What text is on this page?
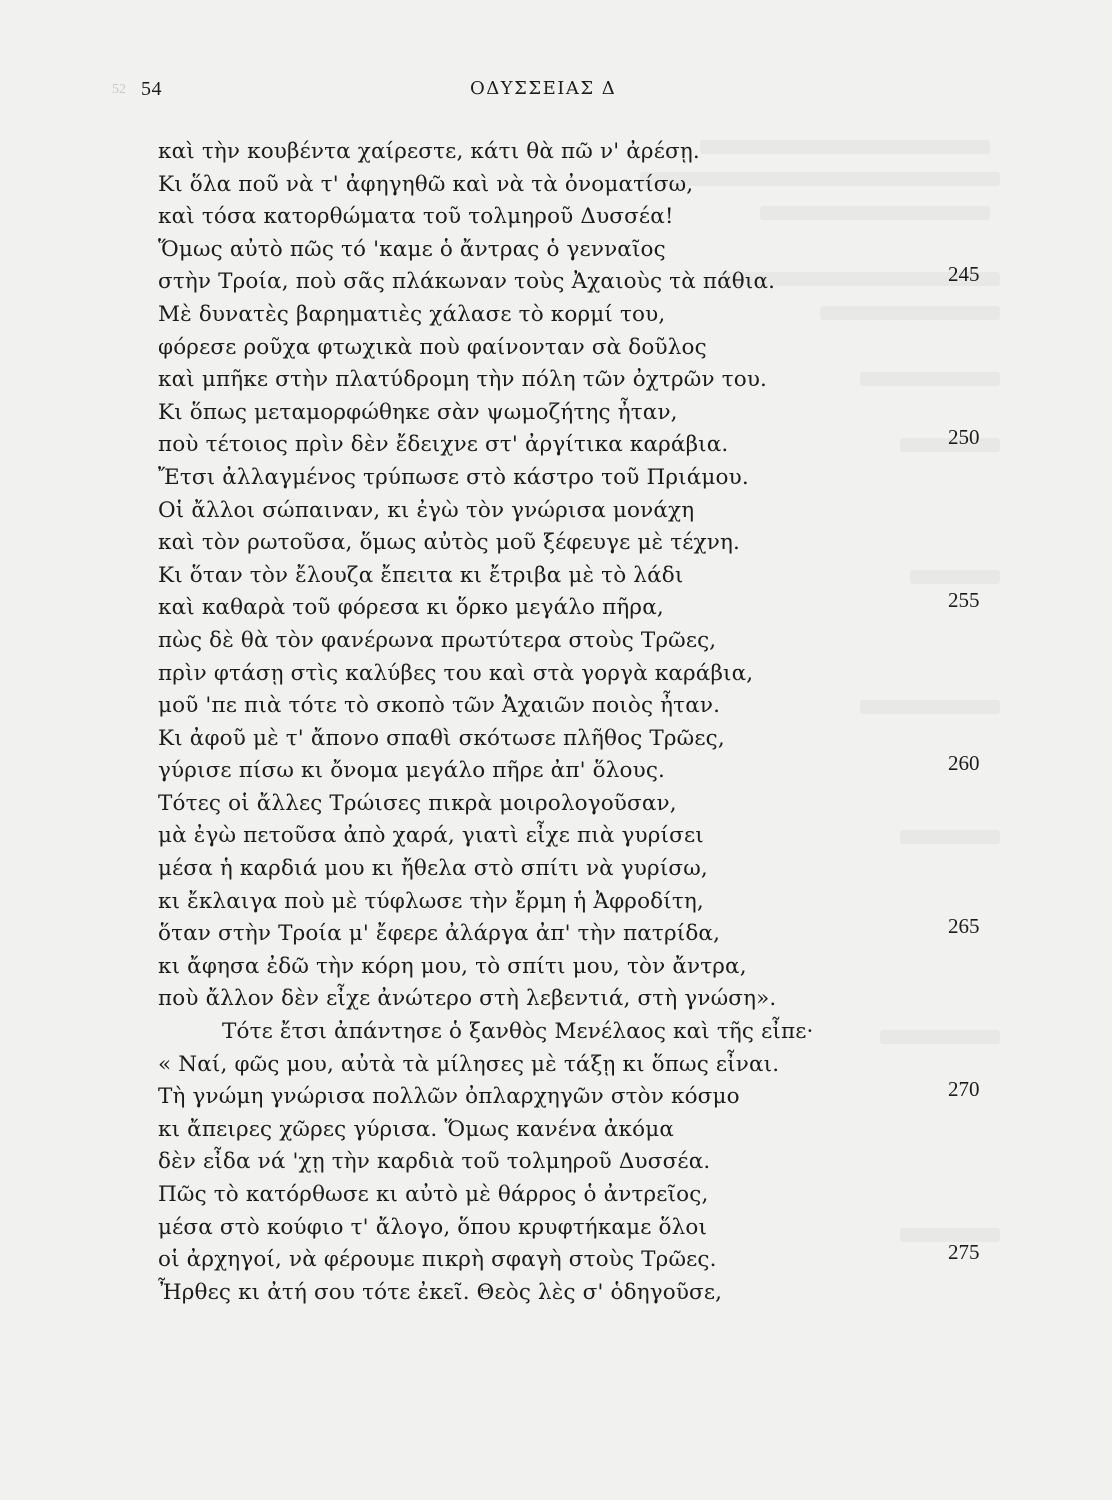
52 54	ΟΔΥΣΣΕΙΑΣ Δ
καὶ τὴν κουβέντα χαίρεστε, κάτι θὰ πῶ ν' ἀρέσῃ.
Κι ὅλα ποῦ νὰ τ' ἀφηγηθῶ καὶ νὰ τὰ ὀνοματίσω,
καὶ τόσα κατορθώματα τοῦ τολμηροῦ Δυσσέα!
Ὅμως αὐτὸ πῶς τό 'καμε ὁ ἄντρας ὁ γενναῖος
στὴν Τροία, ποὺ σᾶς πλάκωναν τοὺς Ἀχαιοὺς τὰ πάθια.	245
Μὲ δυνατὲς βαρηματιὲς χάλασε τὸ κορμί του,
φόρεσε ροῦχα φτωχικὰ ποὺ φαίνονταν σὰ δοῦλος
καὶ μπῆκε στὴν πλατύδρομη τὴν πόλη τῶν ὀχτρῶν του.
Κι ὅπως μεταμορφώθηκε σὰν ψωμοζήτης ἦταν,
ποὺ τέτοιος πρὶν δὲν ἔδειχνε στ' ἀργίτικα καράβια.	250
Ἔτσι ἀλλαγμένος τρύπωσε στὸ κάστρο τοῦ Πριάμου.
Οἱ ἄλλοι σώπαιναν, κι ἐγὼ τὸν γνώρισα μονάχη
καὶ τὸν ρωτοῦσα, ὅμως αὐτὸς μοῦ ξέφευγε μὲ τέχνη.
Κι ὅταν τὸν ἔλουζα ἔπειτα κι ἔτριβα μὲ τὸ λάδι
καὶ καθαρὰ τοῦ φόρεσα κι ὅρκο μεγάλο πῆρα,	255
πὼς δὲ θὰ τὸν φανέρωνα πρωτύτερα στοὺς Τρῶες,
πρὶν φτάσῃ στὶς καλύβες του καὶ στὰ γοργὰ καράβια,
μοῦ 'πε πιὰ τότε τὸ σκοπὸ τῶν Ἀχαιῶν ποιὸς ἦταν.
Κι ἀφοῦ μὲ τ' ἄπονο σπαθὶ σκότωσε πλῆθος Τρῶες,
γύρισε πίσω κι ὄνομα μεγάλο πῆρε ἀπ' ὅλους.	260
Τότες οἱ ἄλλες Τρώισες πικρὰ μοιρολογοῦσαν,
μὰ ἐγὼ πετοῦσα ἀπὸ χαρά, γιατὶ εἶχε πιὰ γυρίσει
μέσα ἡ καρδιά μου κι ἤθελα στὸ σπίτι νὰ γυρίσω,
κι ἔκλαιγα ποὺ μὲ τύφλωσε τὴν ἔρμη ἡ Ἀφροδίτη,
ὅταν στὴν Τροία μ' ἔφερε ἀλάργα ἀπ' τὴν πατρίδα,	265
κι ἄφησα ἐδῶ τὴν κόρη μου, τὸ σπίτι μου, τὸν ἄντρα,
ποὺ ἄλλον δὲν εἶχε ἀνώτερο στὴ λεβεντιά, στὴ γνώση».
Τότε ἔτσι ἀπάντησε ὁ ξανθὸς Μενέλαος καὶ τῆς εἶπε·
« Ναί, φῶς μου, αὐτὰ τὰ μίλησες μὲ τάξῃ κι ὅπως εἶναι.
Τὴ γνώμη γνώρισα πολλῶν ὀπλαρχηγῶν στὸν κόσμο	270
κι ἄπειρες χῶρες γύρισα. Ὅμως κανένα ἀκόμα
δὲν εἶδα νά 'χῃ τὴν καρδιὰ τοῦ τολμηροῦ Δυσσέα.
Πῶς τὸ κατόρθωσε κι αὐτὸ μὲ θάρρος ὁ ἀντρεῖος,
μέσα στὸ κούφιο τ' ἄλογο, ὅπου κρυφτήκαμε ὅλοι
οἱ ἀρχηγοί, νὰ φέρουμε πικρὴ σφαγὴ στοὺς Τρῶες.	275
Ἦρθες κι ἀτή σου τότε ἐκεῖ. Θεὸς λὲς σ' ὁδηγοῦσε,
